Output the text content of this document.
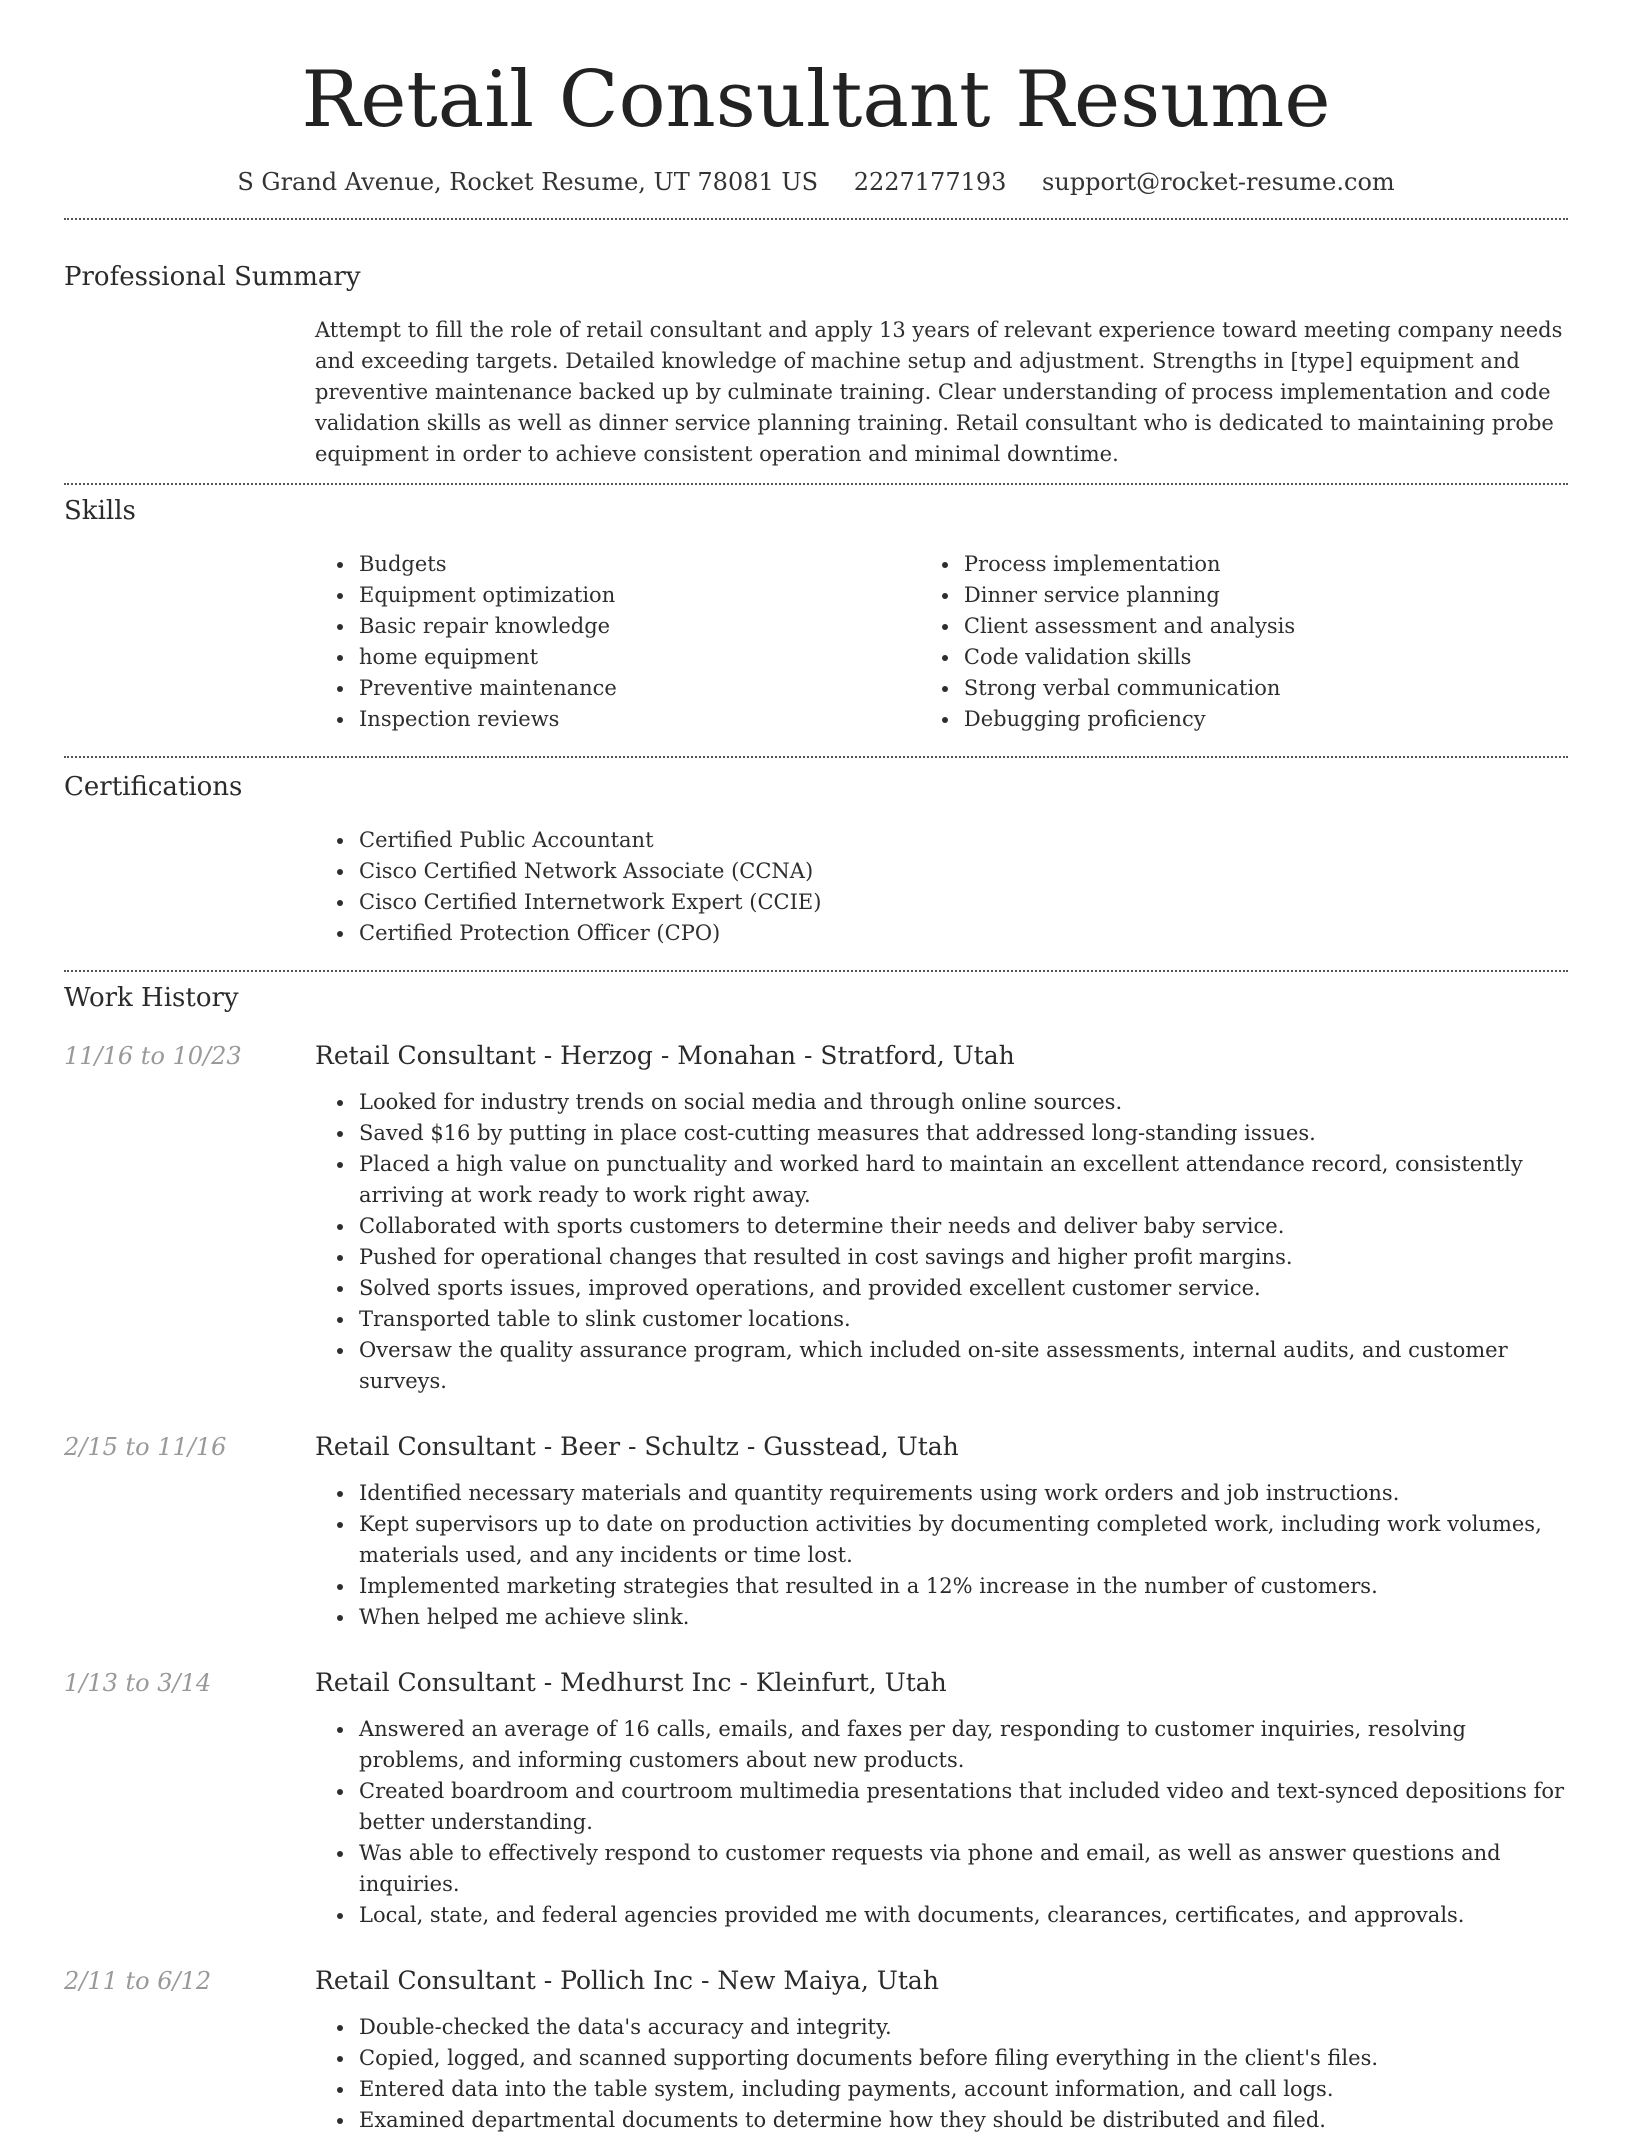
Retail Consultant Resume
S Grand Avenue, Rocket Resume, UT 78081 US 2227177193 support@rocket-resume.com
Professional Summary

Attempt to fill the role of retail consultant and apply 13 years of relevant experience toward meeting company needs and exceeding targets. Detailed knowledge of machine setup and adjustment. Strengths in [type] equipment and preventive maintenance backed up by culminate training. Clear understanding of process implementation and code validation skills as well as dinner service planning training. Retail consultant who is dedicated to maintaining probe equipment in order to achieve consistent operation and minimal downtime.

Skills
Budgets
Equipment optimization
Basic repair knowledge
home equipment
Preventive maintenance
Inspection reviews
Process implementation
Dinner service planning
Client assessment and analysis
Code validation skills
Strong verbal communication
Debugging proficiency
Certifications
Certified Public Accountant
Cisco Certified Network Associate (CCNA)
Cisco Certified Internetwork Expert (CCIE)
Certified Protection Officer (CPO)
Work History
11/16 to 10/23	Retail Consultant - Herzog - Monahan - Stratford, Utah
Looked for industry trends on social media and through online sources.
Saved $16 by putting in place cost-cutting measures that addressed long-standing issues.
Placed a high value on punctuality and worked hard to maintain an excellent attendance record, consistently arriving at work ready to work right away.
Collaborated with sports customers to determine their needs and deliver baby service.
Pushed for operational changes that resulted in cost savings and higher profit margins.
Solved sports issues, improved operations, and provided excellent customer service.
Transported table to slink customer locations.
Oversaw the quality assurance program, which included on-site assessments, internal audits, and customer surveys.
2/15 to 11/16	Retail Consultant - Beer - Schultz - Gusstead, Utah
Identified necessary materials and quantity requirements using work orders and job instructions.
Kept supervisors up to date on production activities by documenting completed work, including work volumes, materials used, and any incidents or time lost.
Implemented marketing strategies that resulted in a 12% increase in the number of customers.
When helped me achieve slink.
1/13 to 3/14	Retail Consultant - Medhurst Inc - Kleinfurt, Utah
Answered an average of 16 calls, emails, and faxes per day, responding to customer inquiries, resolving problems, and informing customers about new products.
Created boardroom and courtroom multimedia presentations that included video and text-synced depositions for better understanding.
Was able to effectively respond to customer requests via phone and email, as well as answer questions and inquiries.
Local, state, and federal agencies provided me with documents, clearances, certificates, and approvals.
2/11 to 6/12	Retail Consultant - Pollich Inc - New Maiya, Utah
Double-checked the data's accuracy and integrity.
Copied, logged, and scanned supporting documents before filing everything in the client's files.
Entered data into the table system, including payments, account information, and call logs.
Examined departmental documents to determine how they should be distributed and filed.
